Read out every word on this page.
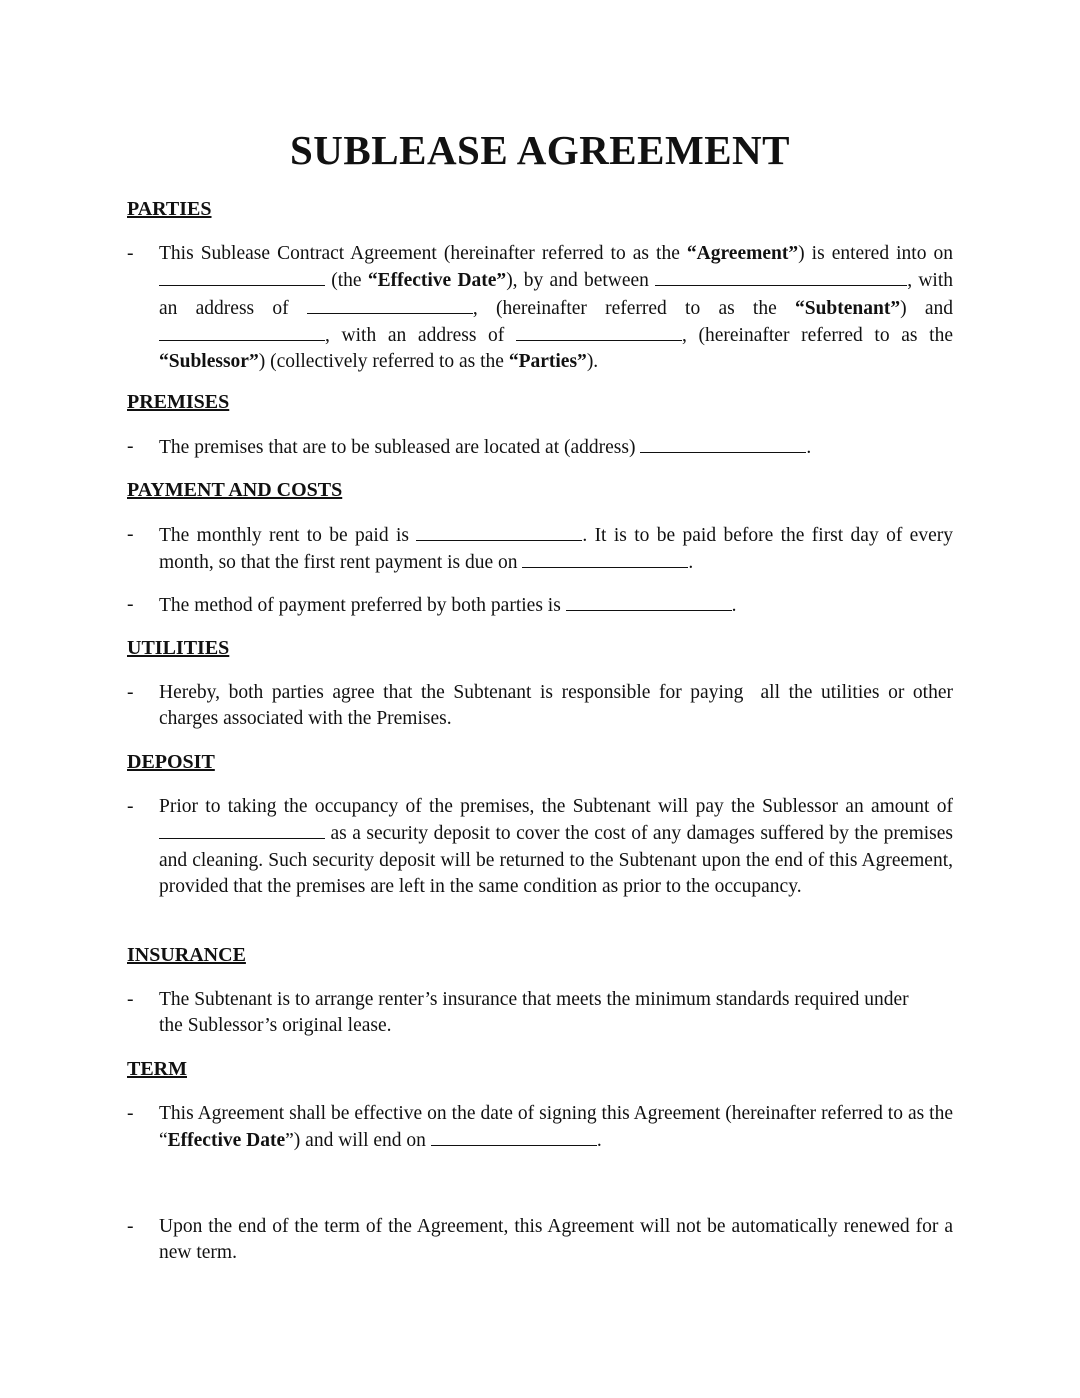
SUBLEASE AGREEMENT
PARTIES
- This Sublease Contract Agreement (hereinafter referred to as the “Agreement”) is entered into on  (the “Effective Date”), by and between	, with an address of	, (hereinafter referred to as the “Subtenant”) and , with an address of	, (hereinafter referred to as the “Sublessor”) (collectively referred to as the “Parties”).
PREMISES
- The premises that are to be subleased are located at (address)	.
PAYMENT AND COSTS
- The monthly rent to be paid is	. It is to be paid before the first day of every month, so that the first rent payment is due on	.
- The method of payment preferred by both parties is	.
UTILITIES
- Hereby, both parties agree that the Subtenant is responsible for paying  all the utilities or other charges associated with the Premises.
DEPOSIT
- Prior to taking the occupancy of the premises, the Subtenant will pay the Sublessor an amount of  as a security deposit to cover the cost of any damages suffered by the premises and cleaning. Such security deposit will be returned to the Subtenant upon the end of this Agreement, provided that the premises are left in the same condition as prior to the occupancy.
INSURANCE
- The Subtenant is to arrange renter’s insurance that meets the minimum standards required under the Sublessor’s original lease.
TERM
- This Agreement shall be effective on the date of signing this Agreement (hereinafter referred to as the “Effective Date”) and will end on	.
- Upon the end of the term of the Agreement, this Agreement will not be automatically renewed for a new term.
